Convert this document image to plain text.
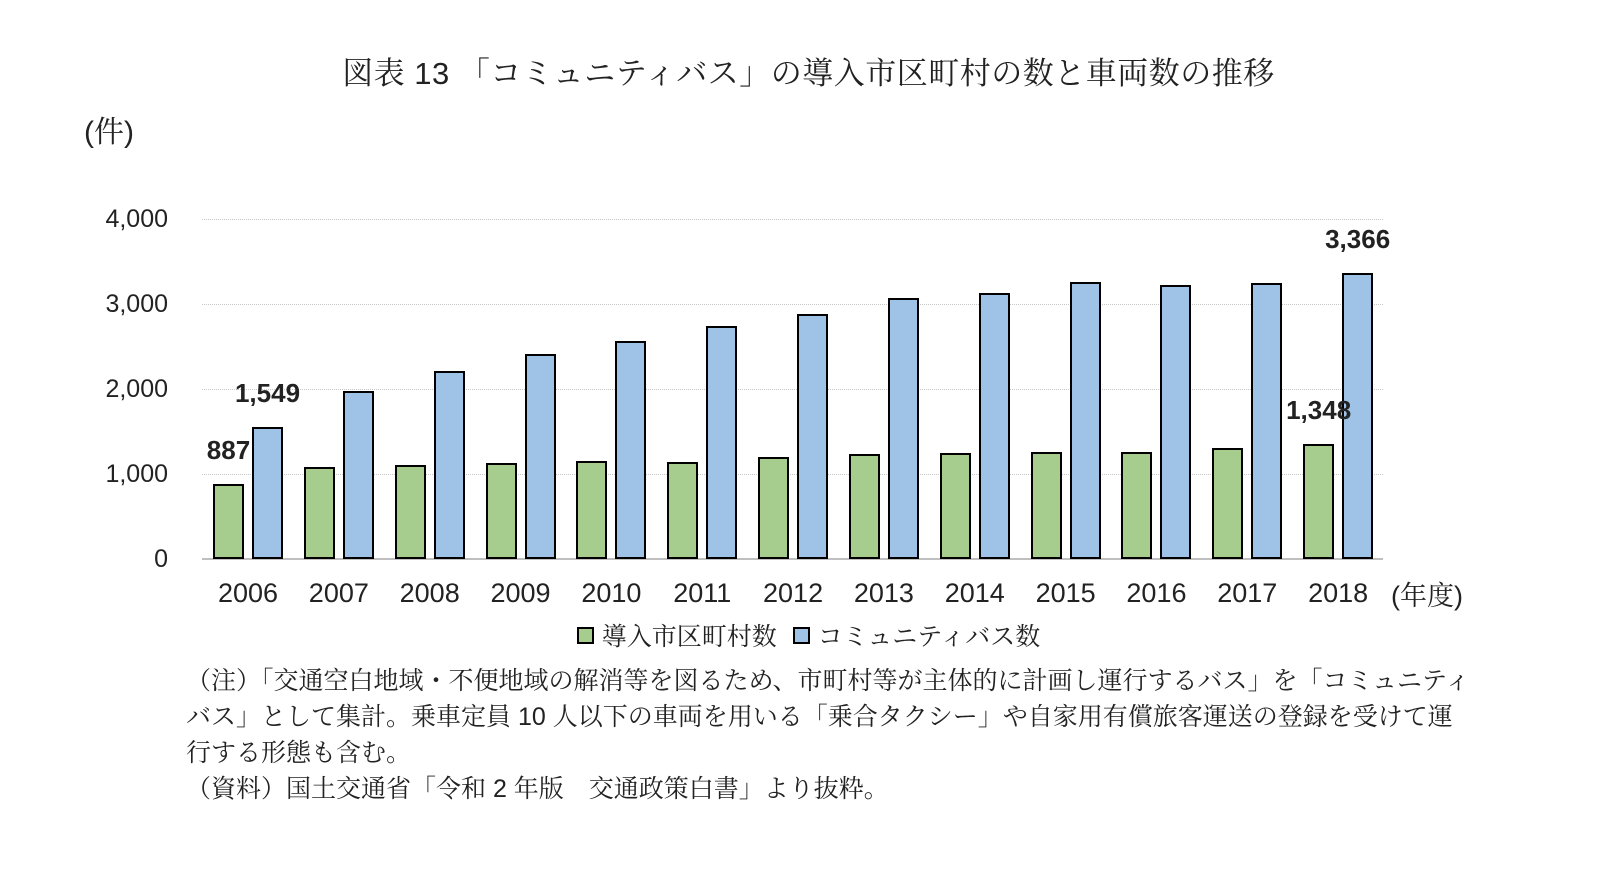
図表 13 「コミュニティバス」の導入市区町村の数と車両数の推移
(件)
0
1,000
2,000
3,000
4,000
2006	2007	2008	2009	2010	2011	2012	2013	2014	2015	2016	2017	2018 (年度)
導入市区町村数 コミュニティバス数
（注）「交通空白地域・不便地域の解消等を図るため、市町村等が主体的に計画し運行するバス」を「コミュニティ
バス」として集計。乗車定員 10 人以下の車両を用いる「乗合タクシー」や自家用有償旅客運送の登録を受けて運
行する形態も含む。
（資料）国土交通省「令和 2 年版　交通政策白書」より抜粋。
887
1,549
1,348
3,366
